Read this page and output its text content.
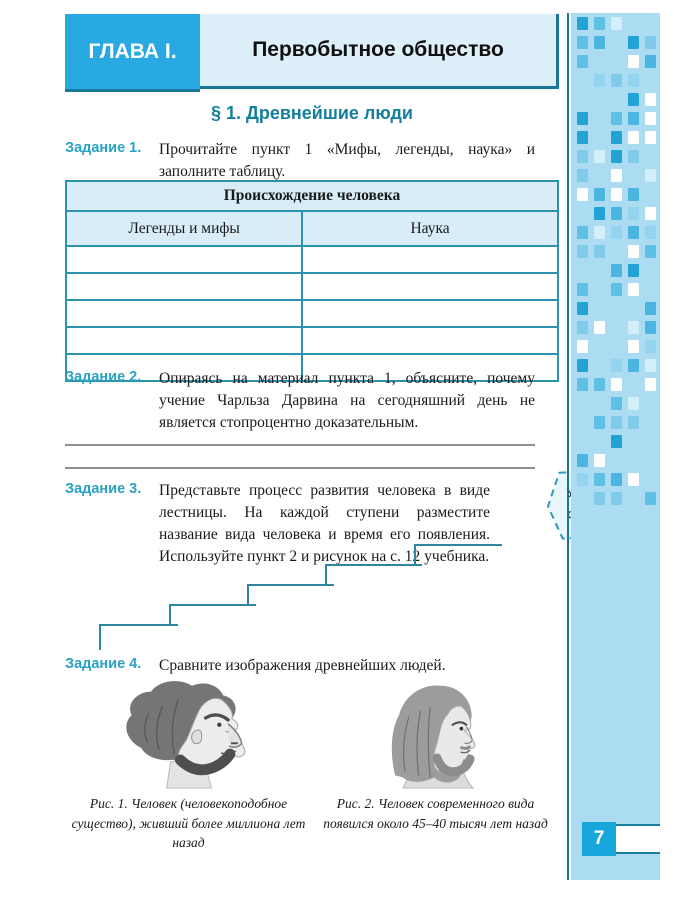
ГЛАВА I.	Первобытное общество
§ 1. Древнейшие люди
Задание 1.	Прочитайте пункт 1 «Мифы, легенды, наука» и заполните таблицу.
Происхождение человека	
Легенды и мифы	Наука

Задание 2.	Опираясь на материал пункта 1, объясните, почему учение Чарльза Дарвина на сегодняшний день не является стопроцентно доказательным.
Задание 3.	Представьте процесс развития человека в виде лестницы. На каждой ступени разместите название вида человека и время его появления. Используйте пункт 2 и рисунок на с. 12 учебника.

Задание 4.	Сравните изображения древнейших людей.
Рис. 1. Человек (человекоподобное существо), живший более миллиона лет назад
Рис. 2. Человек современного вида появился около 45–40 тысяч лет назад
7
